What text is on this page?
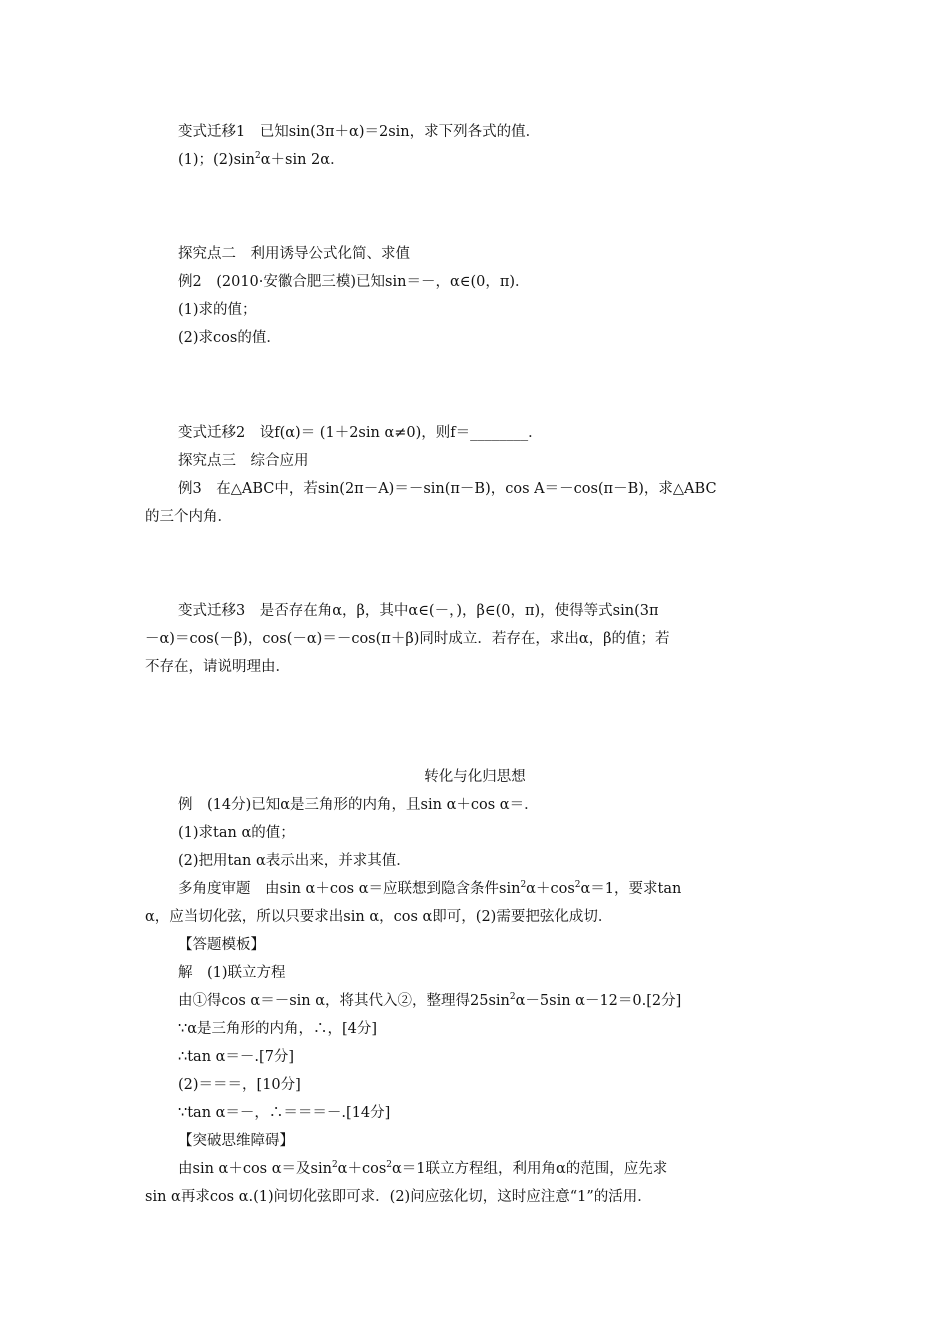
变式迁移1　已知sin(3π＋α)＝2sin，求下列各式的值．
(1)；$(2)\sin^2\alpha+\sin$ 2α．
探究点二　利用诱导公式化简、求值
例2　(2010·安徽合肥三模)已知sin＝－，α∈(0，π)．
(1)求的值；
(2)求cos的值．
变式迁移2　设f(α)＝ (1＋2sin α≠0)，则f＝________．
探究点三　综合应用
例3　在△ABC中，若sin(2π－A)＝－sin(π－B)，cos A＝－cos(π－B)，求△ABC
的三个内角．
变式迁移3　是否存在角α，β，其中α∈(－，)，β∈(0，π)，使得等式sin(3π
－α)＝cos(－β)，cos(－α)＝－cos(π＋β)同时成立．若存在，求出α，β的值；若
不存在，请说明理由．
转化与化归思想
例　(14分)已知α是三角形的内角，且sin α＋cos α＝．
(1)求tan α的值；
(2)把用tan α表示出来，并求其值．
多角度审题　由sin α＋cos α＝应联想到隐含条件$\sin^2\alpha+\cos^2\alpha=1$，要求tan
α，应当切化弦，所以只要求出sin α，cos α即可，(2)需要把弦化成切．
【答题模板】
解　(1)联立方程
由①得cos α＝－sin α，将其代入②，整理得$25\sin^2\alpha-5\sin$ α－12＝0.[2分]
∵α是三角形的内角，∴，[4分]
∴tan α＝－.[7分]
(2)＝＝＝，[10分]
∵tan α＝－，∴＝＝＝－.[14分]
【突破思维障碍】
由sin α＋cos α＝及$\sin^2\alpha+\cos^2\alpha=1$联立方程组，利用角α的范围，应先求
sin α再求cos α.(1)问切化弦即可求．(2)问应弦化切，这时应注意“1”的活用．
